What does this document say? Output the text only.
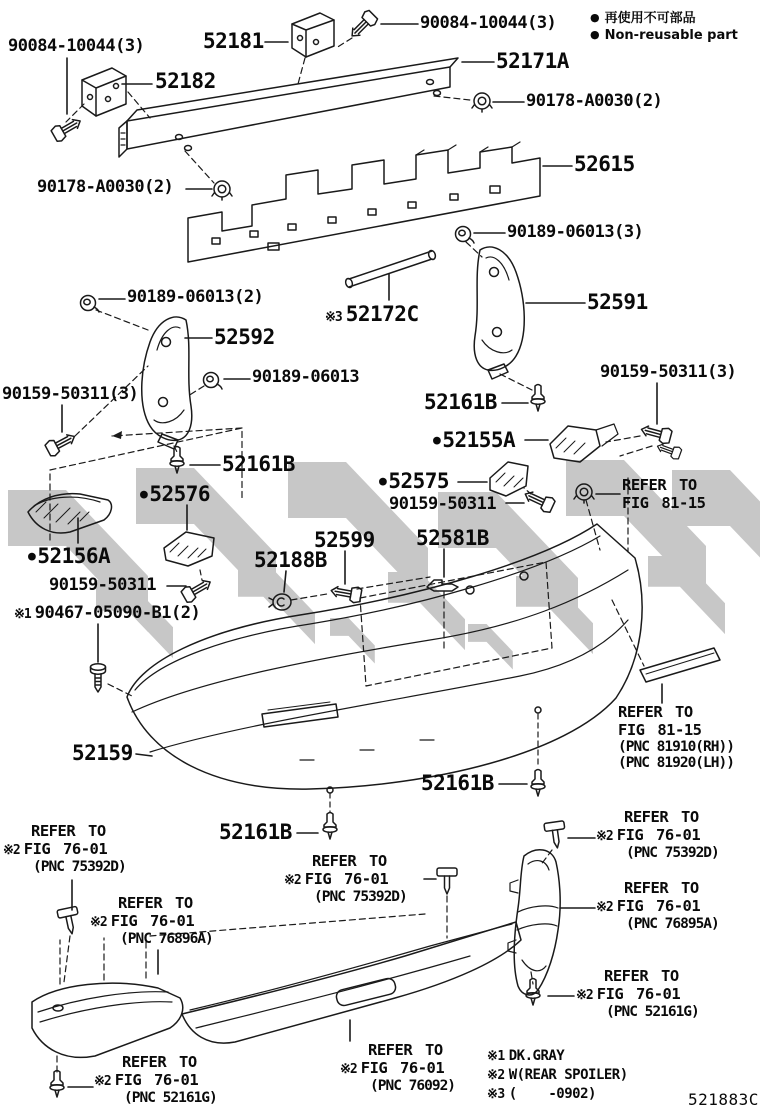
● 再使用不可部品
● Non-reusable part
90084-10044(3)	52181
90084-10044(3)
52182
52171A
90178-A0030(2)
52615
90178-A0030(2)
90189-06013(3)
52591
90189-06013(2)
52592
※3 52172C
90189-06013	90159-50311(3)
52161B
90159-50311(3)
●52155A
52161B
●52576
●52575
90159-50311
52599 52581B
52188B
●52156A
90159-50311
※1 90467-05090-B1(2)
52159
52161B
52161B
REFER TO
FIG 81-15
REFER TO
FIG 81-15
(PNC 81910(RH))
(PNC 81920(LH))
REFER TO
※2 FIG 76-01
(PNC 75392D)	REFER TO
※2 FIG 76-01
(PNC 75392D)
REFER TO
※2 FIG 76-01
(PNC 75392D)
REFER TO
※2 FIG 76-01
(PNC 76896A)
REFER TO
※2 FIG 76-01
(PNC 76895A)
REFER TO
※2 FIG 76-01
(PNC 52161G)
REFER TO
※2 FIG 76-01
(PNC 76092)
REFER TO
※2 FIG 76-01
(PNC 52161G)
※1 DK.GRAY
※2 W(REAR SPOILER)
※3 (    -0902)	521883C
